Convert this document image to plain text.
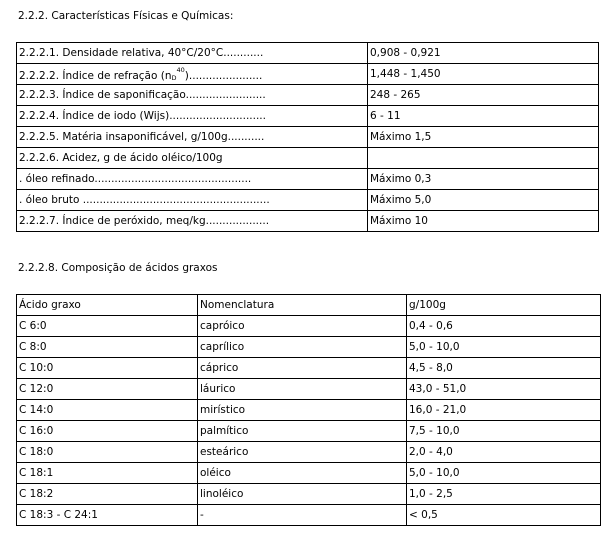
2.2.2. Características Físicas e Químicas:
2.2.2.1. Densidade relativa, 40°C/20°C............	0,908 - 0,921
2.2.2.2. Índice de refração $(n_D^{40})$......................	1,448 - 1,450
2.2.2.3. Índice de saponificação........................	248 - 265
2.2.2.4. Índice de iodo (Wijs).............................	6 - 11
2.2.2.5. Matéria insaponificável, g/100g...........	Máximo 1,5
2.2.2.6. Acidez, g de ácido oléico/100g	
. óleo refinado...............................................	Máximo 0,3
. óleo bruto ........................................................	Máximo 5,0
2.2.2.7. Índice de peróxido, meq/kg...................	Máximo 10
2.2.2.8. Composição de ácidos graxos
Ácido graxo	Nomenclatura	g/100g
C 6:0	capróico	0,4 - 0,6
C 8:0	caprílico	5,0 - 10,0
C 10:0	cáprico	4,5 - 8,0
C 12:0	láurico	43,0 - 51,0
C 14:0	mirístico	16,0 - 21,0
C 16:0	palmítico	7,5 - 10,0
C 18:0	esteárico	2,0 - 4,0
C 18:1	oléico	5,0 - 10,0
C 18:2	linoléico	1,0 - 2,5
C 18:3 - C 24:1	-	< 0,5
